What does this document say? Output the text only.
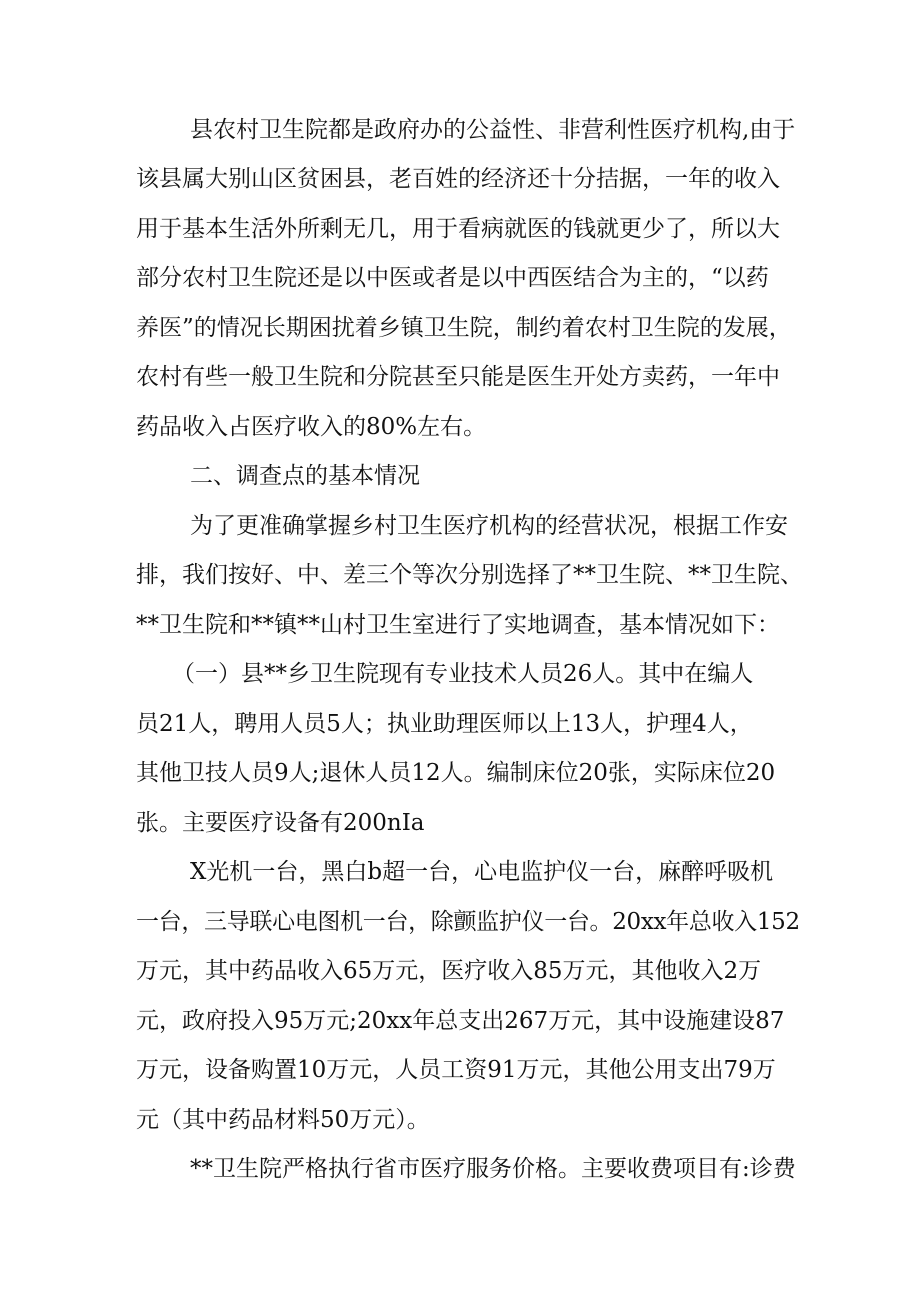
县农村卫生院都是政府办的公益性、非营利性医疗机构,由于
该县属大别山区贫困县，老百姓的经济还十分拮据，一年的收入
用于基本生活外所剩无几，用于看病就医的钱就更少了，所以大
部分农村卫生院还是以中医或者是以中西医结合为主的，“以药
养医”的情况长期困扰着乡镇卫生院，制约着农村卫生院的发展，
农村有些一般卫生院和分院甚至只能是医生开处方卖药，一年中
药品收入占医疗收入的80%左右。
二、调查点的基本情况
为了更准确掌握乡村卫生医疗机构的经营状况，根据工作安
排，我们按好、中、差三个等次分别选择了**卫生院、**卫生院、
**卫生院和**镇**山村卫生室进行了实地调查，基本情况如下：
（一）县**乡卫生院现有专业技术人员26人。其中在编人
员21人，聘用人员5人；执业助理医师以上13人，护理4人，
其他卫技人员9人;退休人员12人。编制床位20张，实际床位20
张。主要医疗设备有200nIa
X光机一台，黑白b超一台，心电监护仪一台，麻醉呼吸机
一台，三导联心电图机一台，除颤监护仪一台。20xx年总收入152
万元，其中药品收入65万元，医疗收入85万元，其他收入2万
元，政府投入95万元;20xx年总支出267万元，其中设施建设87
万元，设备购置10万元，人员工资91万元，其他公用支出79万
元（其中药品材料50万元）。
**卫生院严格执行省市医疗服务价格。主要收费项目有:诊费
